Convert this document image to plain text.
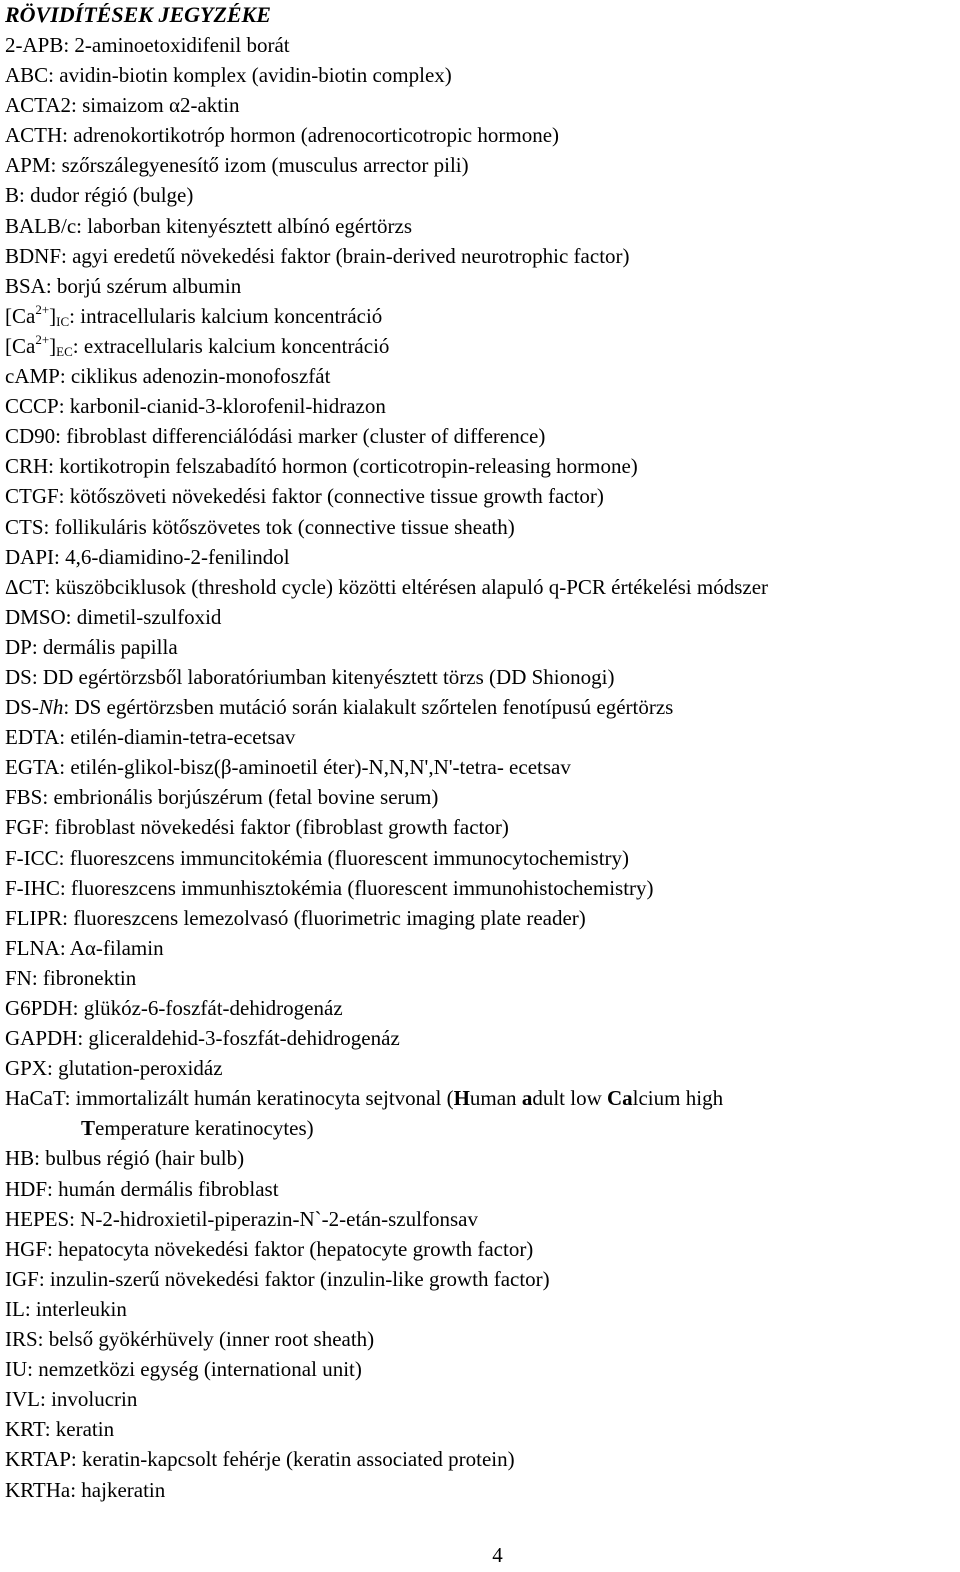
RÖVIDÍTÉSEK JEGYZÉKE
2-APB: 2-aminoetoxidifenil borát
ABC: avidin-biotin komplex (avidin-biotin complex)
ACTA2: simaizom α2-aktin
ACTH: adrenokortikotróp hormon (adrenocorticotropic hormone)
APM: szőrszálegyenesítő izom (musculus arrector pili)
B: dudor régió (bulge)
BALB/c: laborban kitenyésztett albínó egértörzs
BDNF: agyi eredetű növekedési faktor (brain-derived neurotrophic factor)
BSA: borjú szérum albumin
$[Ca^{2+}]_{IC}$: intracellularis kalcium koncentráció
$[Ca^{2+}]_{EC}$: extracellularis kalcium koncentráció
cAMP: ciklikus adenozin-monofoszfát
CCCP: karbonil-cianid-3-klorofenil-hidrazon
CD90: fibroblast differenciálódási marker (cluster of difference)
CRH: kortikotropin felszabadító hormon (corticotropin-releasing hormone)
CTGF: kötőszöveti növekedési faktor (connective tissue growth factor)
CTS: follikuláris kötőszövetes tok (connective tissue sheath)
DAPI: 4,6-diamidino-2-fenilindol
ΔCT: küszöbciklusok (threshold cycle) közötti eltérésen alapuló q-PCR értékelési módszer
DMSO: dimetil-szulfoxid
DP: dermális papilla
DS: DD egértörzsből laboratóriumban kitenyésztett törzs (DD Shionogi)
DS-Nh: DS egértörzsben mutáció során kialakult szőrtelen fenotípusú egértörzs
EDTA: etilén-diamin-tetra-ecetsav
EGTA: etilén-glikol-bisz(β-aminoetil éter)-N,N,N',N'-tetra- ecetsav
FBS: embrionális borjúszérum (fetal bovine serum)
FGF: fibroblast növekedési faktor (fibroblast growth factor)
F-ICC: fluoreszcens immuncitokémia (fluorescent immunocytochemistry)
F-IHC: fluoreszcens immunhisztokémia (fluorescent immunohistochemistry)
FLIPR: fluoreszcens lemezolvasó (fluorimetric imaging plate reader)
FLNA: Aα-filamin
FN: fibronektin
G6PDH: glükóz-6-foszfát-dehidrogenáz
GAPDH: gliceraldehid-3-foszfát-dehidrogenáz
GPX: glutation-peroxidáz
HaCaT: immortalizált humán keratinocyta sejtvonal (Human adult low Calcium high
Temperature keratinocytes)
HB: bulbus régió (hair bulb)
HDF: humán dermális fibroblast
HEPES: N-2-hidroxietil-piperazin-N`-2-etán-szulfonsav
HGF: hepatocyta növekedési faktor (hepatocyte growth factor)
IGF: inzulin-szerű növekedési faktor (inzulin-like growth factor)
IL: interleukin
IRS: belső gyökérhüvely (inner root sheath)
IU: nemzetközi egység (international unit)
IVL: involucrin
KRT: keratin
KRTAP: keratin-kapcsolt fehérje (keratin associated protein)
KRTHa: hajkeratin
4
